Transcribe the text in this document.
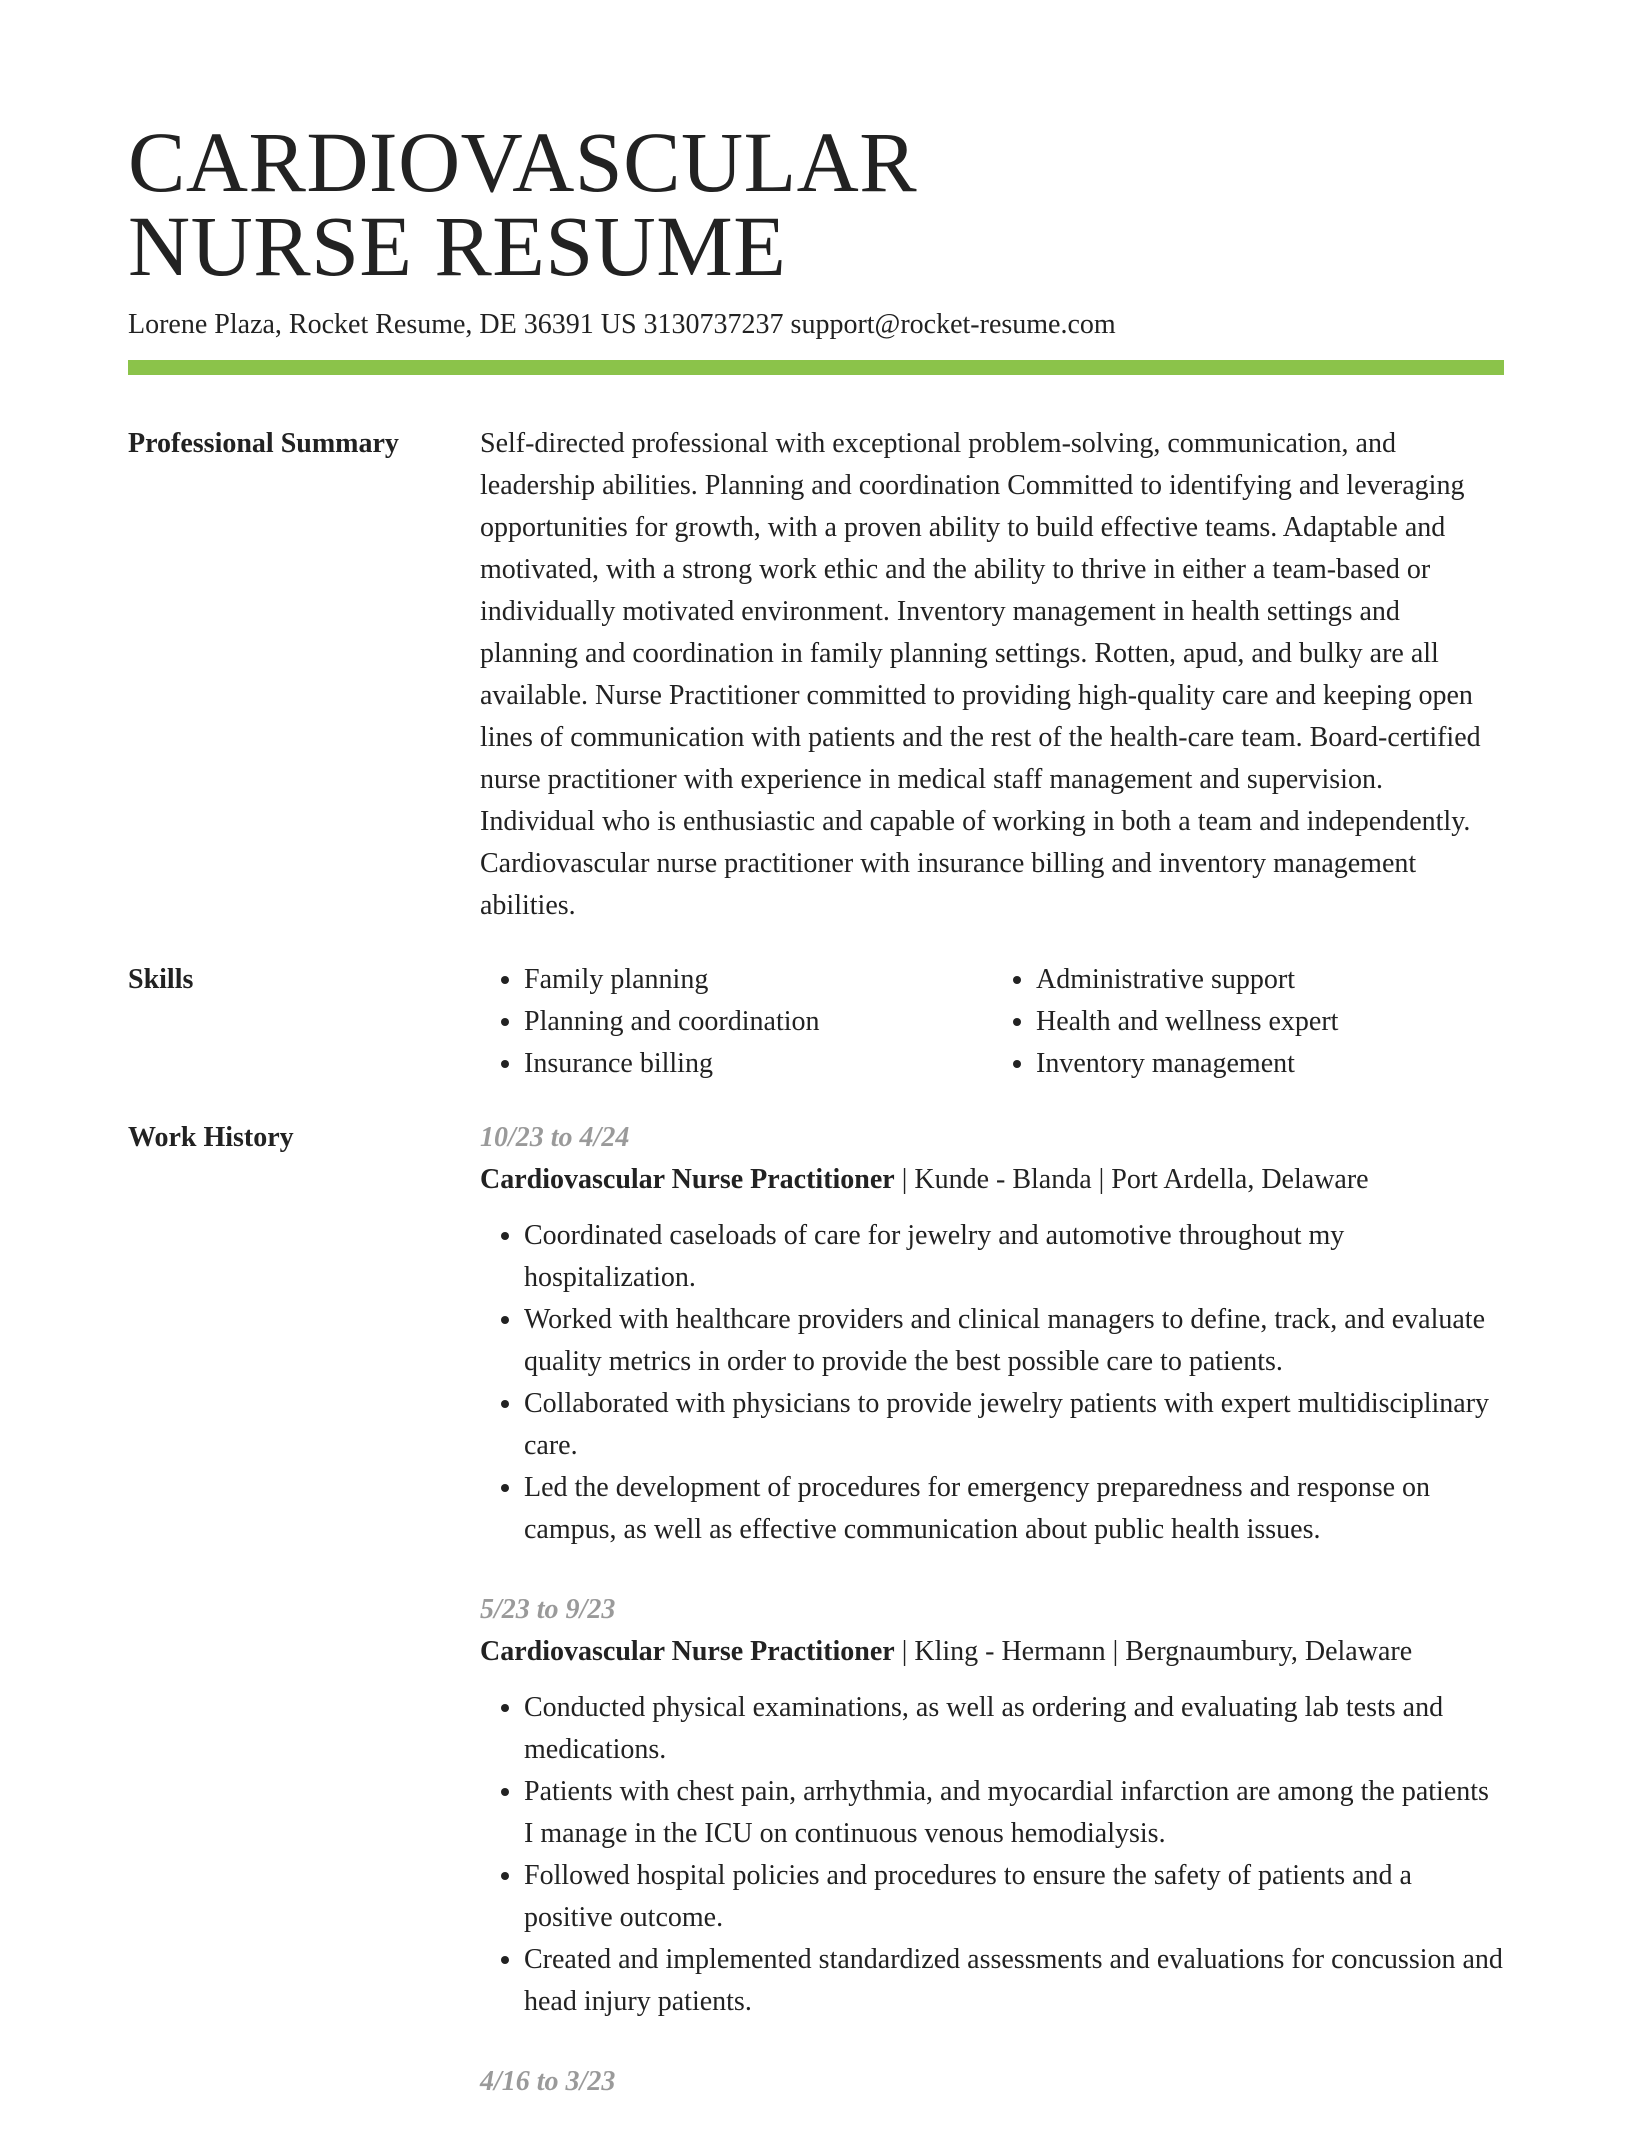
CARDIOVASCULAR
NURSE RESUME
Lorene Plaza, Rocket Resume, DE 36391 US 3130737237 support@rocket-resume.com
Professional Summary	Self-directed professional with exceptional problem-solving, communication, and leadership abilities. Planning and coordination Committed to identifying and leveraging opportunities for growth, with a proven ability to build effective teams. Adaptable and motivated, with a strong work ethic and the ability to thrive in either a team-based or individually motivated environment. Inventory management in health settings and planning and coordination in family planning settings. Rotten, apud, and bulky are all available. Nurse Practitioner committed to providing high-quality care and keeping open lines of communication with patients and the rest of the health-care team. Board-certified nurse practitioner with experience in medical staff management and supervision. Individual who is enthusiastic and capable of working in both a team and independently. Cardiovascular nurse practitioner with insurance billing and inventory management abilities.
Skills
•	Family planning
• Planning and coordination
• Insurance billing
• Administrative support
• Health and wellness expert
• Inventory management
Work History	10/23 to 4/24
Cardiovascular Nurse Practitioner | Kunde - Blanda | Port Ardella, Delaware
• Coordinated caseloads of care for jewelry and automotive throughout my hospitalization.
• Worked with healthcare providers and clinical managers to define, track, and evaluate quality metrics in order to provide the best possible care to patients.
• Collaborated with physicians to provide jewelry patients with expert multidisciplinary care.
• Led the development of procedures for emergency preparedness and response on campus, as well as effective communication about public health issues.
5/23 to 9/23
Cardiovascular Nurse Practitioner | Kling - Hermann | Bergnaumbury, Delaware
• Conducted physical examinations, as well as ordering and evaluating lab tests and medications.
• Patients with chest pain, arrhythmia, and myocardial infarction are among the patients I manage in the ICU on continuous venous hemodialysis.
• Followed hospital policies and procedures to ensure the safety of patients and a positive outcome.
• Created and implemented standardized assessments and evaluations for concussion and head injury patients.
4/16 to 3/23
